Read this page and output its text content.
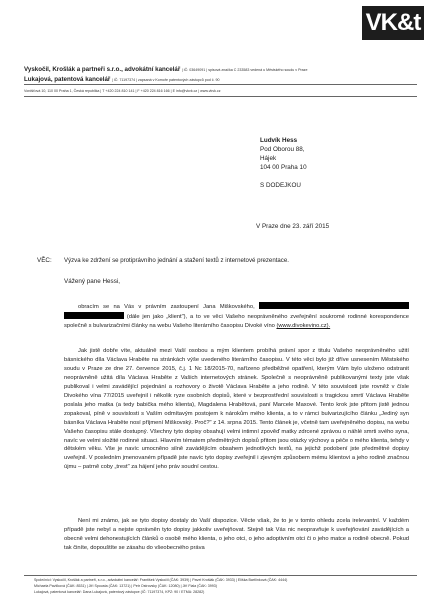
VK&t
Vyskočil, Krošlák a partneři s.r.o., advokátní kancelář | IČ: 03649091 | spisová značka C 233583 vedená u Městského soudu v Praze
Lukajová, patentová kancelář | IČ: 71197374 | zapsaná v Komoře patentových zástupců pod č. 90
Vordšťová 10, 110 00 Praha 1, Česká republika | T +420 224 810 141 | F +420 224 816 166 | E info@vkvk.cz | www.vkvk.cz
Ludvík Hess
Pod Oborou 88,
Hájek
104 00 Praha 10
S DODEJKOU
V Praze dne 23. září 2015
VĚC: Výzva ke zdržení se protiprávního jednání a stažení textů z internetové prezentace.
Vážený pane Hessi,
obracím se na Vás v právním zastoupení Jana Miškovského,   (dále jen jako „klient"), a to ve věci Vašeho neoprávněného zveřejnění soukromé rodinné korespondence společně s bulvarizačními články na webu Vašeho literárního časopisu Divoké víno (www.divokevino.cz).
Jak jistě dobře víte, aktuálně mezi Vaší osobou a mým klientem probíhá právní spor z titulu Vašeho neoprávněného užití básnického díla Václava Hraběte na stránkách výše uvedeného literárního časopisu. V této věci bylo již dříve usnesením Městského soudu v Praze ze dne 27. července 2015, č.j. 1 Nc 18/2015-70, nařízeno předběžné opatření, kterým Vám bylo uloženo odstranit neoprávněně užitá díla Václava Hraběte z Vašich internetových stránek. Společně s neoprávněně publikovanými texty jste však publikoval i velmi zavádějící pojednání a rozhovory o životě Václava Hraběte a jeho rodině. V této souvislosti jste rovněž v čísle Divokého vína 77/2015 uveřejnil i několik ryze osobních dopisů, které v bezprostřední souvislosti s tragickou smrtí Václava Hraběte poslala jeho matka (a tedy babička mého klienta), Magdalena Hrabětová, paní Marcele Maxové. Tento krok jste přitom jistě jednou zopakoval, píně v souvislosti s Vaším odmítavým postojem k nárokům mého klienta, a to v rámci bulvarizujícího článku „Jediný syn básníka Václava Hraběte nosí příjmení Miškovský. Proč?" z 14. srpna 2015. Tento článek je, včetně tam uveřejněného dopisu, na webu Vašeho časopisu stále dostupný. Všechny tyto dopisy obsahují velmi intimní zpověď matky zdrcené zprávou o náhlé smrti svého syna, navíc ve velmi složité rodinné situaci. Hlavním tématem předmětných dopisů přitom jsou otázky výchovy a péče o mého klienta, tehdy v dětském věku. Vše je navíc umocněno silně zavádějícím obsahem jednotlivých textů, na jejichž podobení jste předmětné dopisy uveřejnil. V posledním jmenovaném případě jste navíc tyto dopisy zveřejnil i zjevným způsobem mému klientovi a jeho rodině značnou újmu – patrně coby „trest" za hájení jeho práv soudní cestou.
Není mi známo, jak se tyto dopisy dostaly do Vaší dispozice. Věcte však, že to je v tomto ohledu zcela irelevantní. V každém případě jste nebyl a nejste oprávněn tyto dopisy jakkoliv uveřejňovat. Stejně tak Vás nic neopravňuje k uveřejňování zavádějících a obecně velmi dehonestujících článků o osobě mého klienta, o jeho otci, o jeho adoptivním otci či o jeho matce a rodině obecně. Pokud tak činíte, dopouštíte se zásahu do všeobecného práva
Společníci: Vyskočil, Krošlák a partneři, s.r.o., advokátní kancelář: František Vyskočil (ČAK: 3939) | Pavel Krošlák (ČAK: 3933) | Eliška Bartlínková (ČAK: 4444)
Michaela Pavlíková (ČAK: 8531) | Jiří Spousta (ČAK: 13721) | Petr Ostrovsky (ČAK: 12080) | Jiří Fiala (ČAK: 3993)
Lukajová, patentová kancelář: Dana Lukajová, patentový zástupce (IČ: 71197374, KPZ: 90 / ETMA: 28282)
